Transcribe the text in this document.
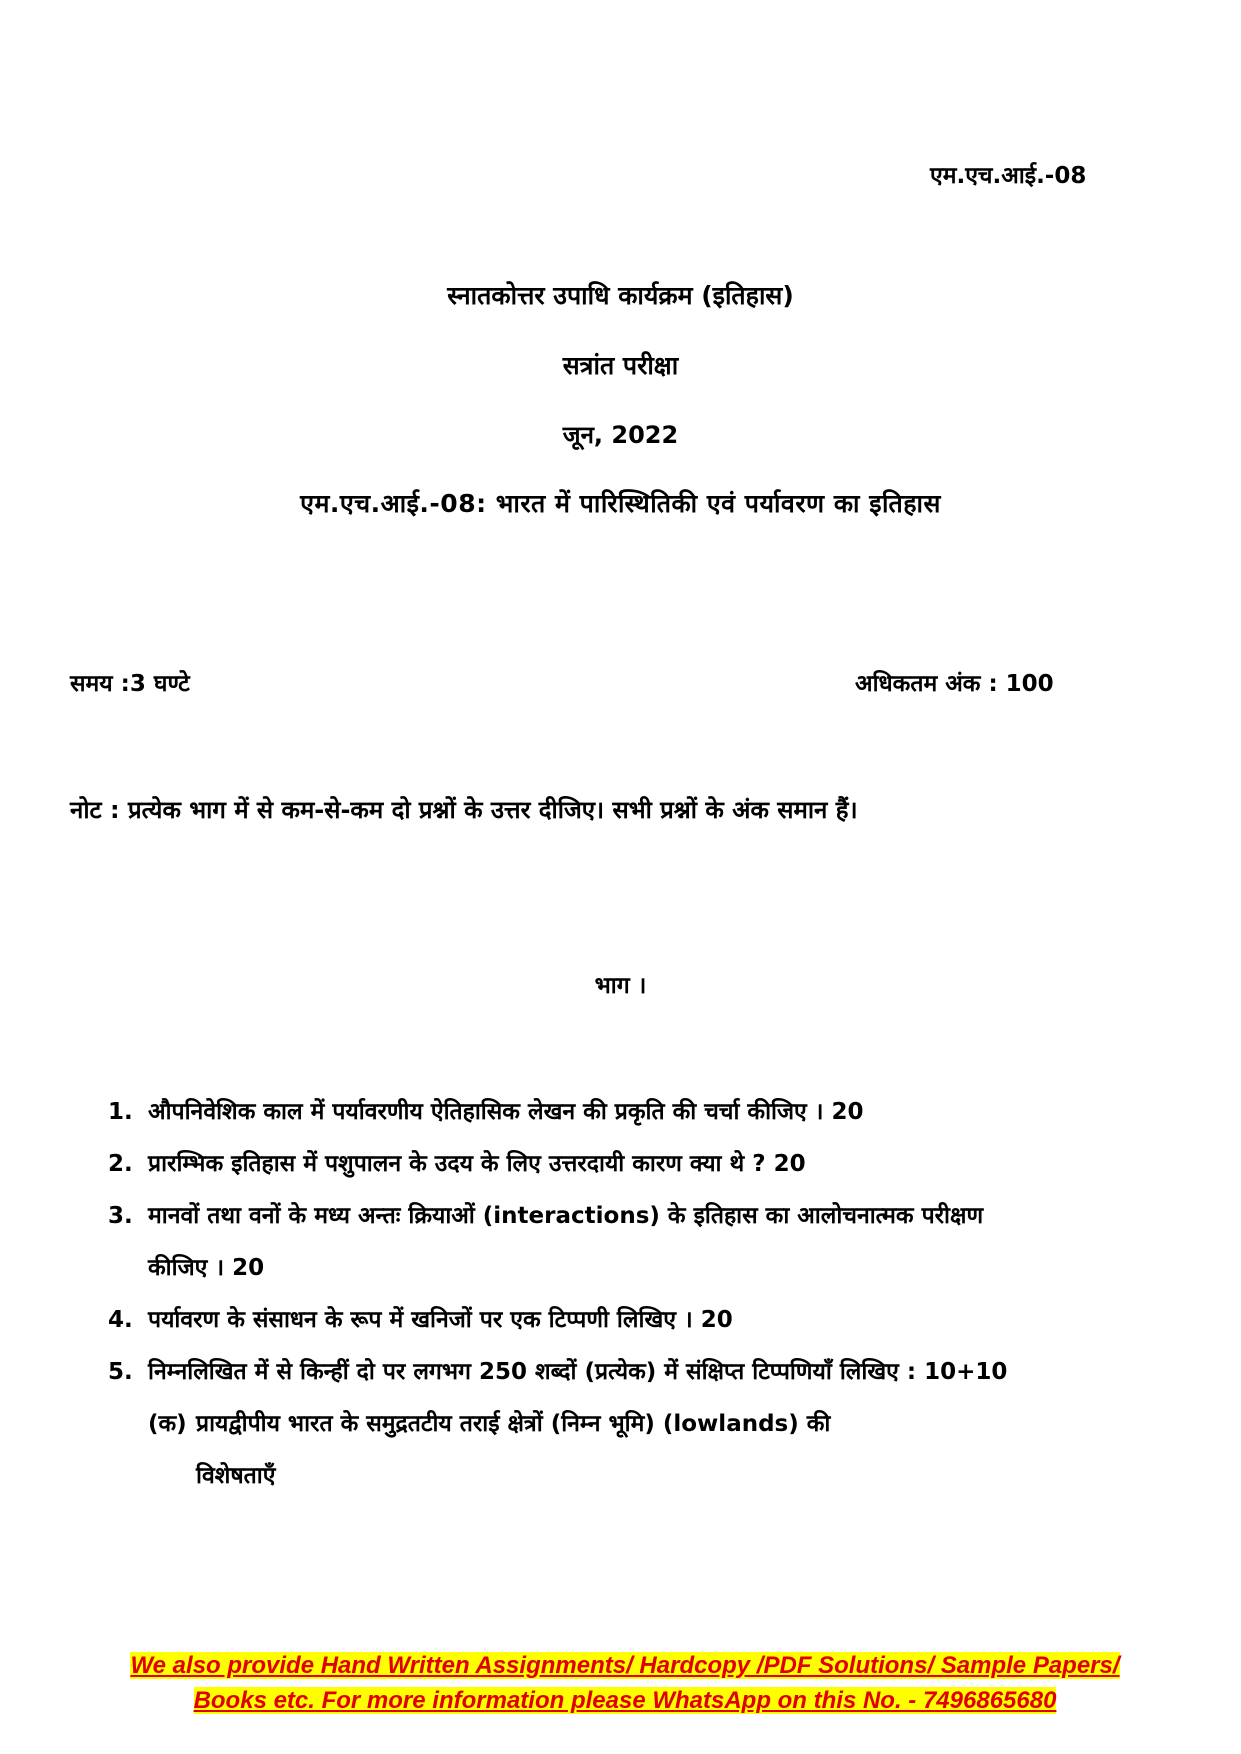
एम.एच.आई.-08
स्नातकोत्तर उपाधि कार्यक्रम (इतिहास)
सत्रांत परीक्षा
जून, 2022
एम.एच.आई.-08: भारत में पारिस्थितिकी एवं पर्यावरण का इतिहास
समय :3 घण्टे	अधिकतम अंक : 100
नोट : प्रत्येक भाग में से कम-से-कम दो प्रश्नों के उत्तर दीजिए। सभी प्रश्नों के अंक समान हैं।
भाग ।
1. औपनिवेशिक काल में पर्यावरणीय ऐतिहासिक लेखन की प्रकृति की चर्चा कीजिए । 20
2. प्रारम्भिक इतिहास में पशुपालन के उदय के लिए उत्तरदायी कारण क्या थे ? 20
3. मानवों तथा वनों के मध्य अन्तः क्रियाओं (interactions) के इतिहास का आलोचनात्मक परीक्षण कीजिए । 20
4. पर्यावरण के संसाधन के रूप में खनिजों पर एक टिप्पणी लिखिए । 20
5. निम्नलिखित में से किन्हीं दो पर लगभग 250 शब्दों (प्रत्येक) में संक्षिप्त टिप्पणियाँ लिखिए : 10+10
(क) प्रायद्वीपीय भारत के समुद्रतटीय तराई क्षेत्रों (निम्न भूमि) (lowlands) की
विशेषताएँ
We also provide Hand Written Assignments/ Hardcopy /PDF Solutions/ Sample Papers/
Books etc. For more information please WhatsApp on this No. - 7496865680
